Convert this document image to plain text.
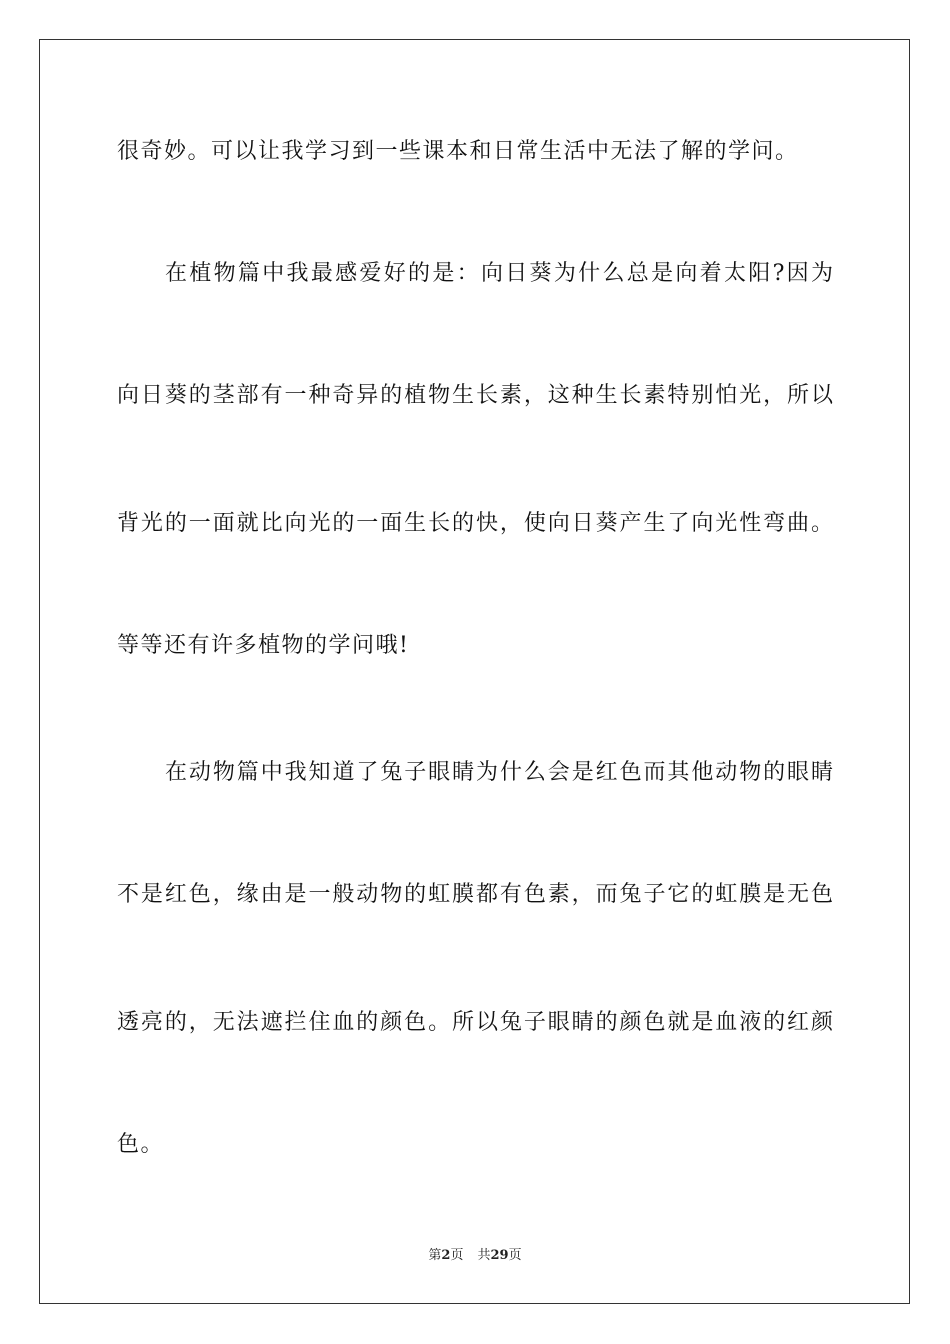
很奇妙。可以让我学习到一些课本和日常生活中无法了解的学问。
在植物篇中我最感爱好的是：向日葵为什么总是向着太阳?因为
向日葵的茎部有一种奇异的植物生长素，这种生长素特别怕光，所以
背光的一面就比向光的一面生长的快，使向日葵产生了向光性弯曲。
等等还有许多植物的学问哦!
在动物篇中我知道了兔子眼睛为什么会是红色而其他动物的眼睛
不是红色，缘由是一般动物的虹膜都有色素，而兔子它的虹膜是无色
透亮的，无法遮拦住血的颜色。所以兔子眼睛的颜色就是血液的红颜
色。
第2页 共29页
